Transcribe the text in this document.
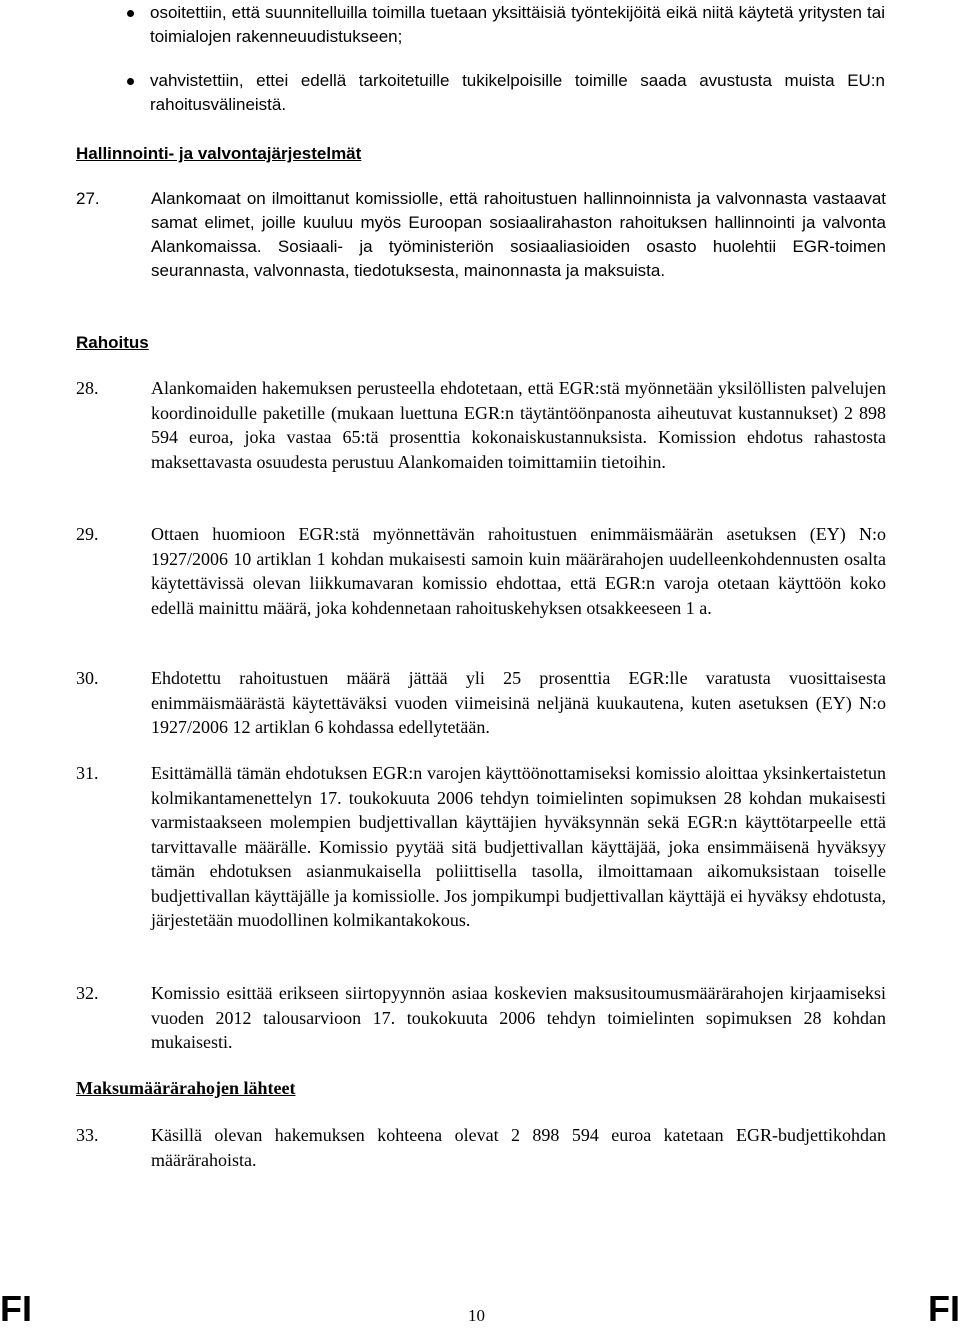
osoitettiin, että suunnitelluilla toimilla tuetaan yksittäisiä työntekijöitä eikä niitä käytetä yritysten tai toimialojen rakenneuudistukseen;
vahvistettiin, ettei edellä tarkoitetuille tukikelpoisille toimille saada avustusta muista EU:n rahoitusvälineistä.
Hallinnointi- ja valvontajärjestelmät
27.	Alankomaat on ilmoittanut komissiolle, että rahoitustuen hallinnoinnista ja valvonnasta vastaavat samat elimet, joille kuuluu myös Euroopan sosiaalirahaston rahoituksen hallinnointi ja valvonta Alankomaissa. Sosiaali- ja työministeriön sosiaaliasioiden osasto huolehtii EGR-toimen seurannasta, valvonnasta, tiedotuksesta, mainonnasta ja maksuista.
Rahoitus
28.	Alankomaiden hakemuksen perusteella ehdotetaan, että EGR:stä myönnetään yksilöllisten palvelujen koordinoidulle paketille (mukaan luettuna EGR:n täytäntöönpanosta aiheutuvat kustannukset) 2 898 594 euroa, joka vastaa 65:tä prosenttia kokonaiskustannuksista. Komission ehdotus rahastosta maksettavasta osuudesta perustuu Alankomaiden toimittamiin tietoihin.
29.	Ottaen huomioon EGR:stä myönnettävän rahoitustuen enimmäismäärän asetuksen (EY) N:o 1927/2006 10 artiklan 1 kohdan mukaisesti samoin kuin määrärahojen uudelleenkohdennusten osalta käytettävissä olevan liikkumavaran komissio ehdottaa, että EGR:n varoja otetaan käyttöön koko edellä mainittu määrä, joka kohdennetaan rahoituskehyksen otsakkeeseen 1 a.
30.	Ehdotettu rahoitustuen määrä jättää yli 25 prosenttia EGR:lle varatusta vuosittaisesta enimmäismäärästä käytettäväksi vuoden viimeisinä neljänä kuukautena, kuten asetuksen (EY) N:o 1927/2006 12 artiklan 6 kohdassa edellytetään.
31.	Esittämällä tämän ehdotuksen EGR:n varojen käyttöönottamiseksi komissio aloittaa yksinkertaistetun kolmikantamenettelyn 17. toukokuuta 2006 tehdyn toimielinten sopimuksen 28 kohdan mukaisesti varmistaakseen molempien budjettivallan käyttäjien hyväksynnän sekä EGR:n käyttötarpeelle että tarvittavalle määrälle. Komissio pyytää sitä budjettivallan käyttäjää, joka ensimmäisenä hyväksyy tämän ehdotuksen asianmukaisella poliittisella tasolla, ilmoittamaan aikomuksistaan toiselle budjettivallan käyttäjälle ja komissiolle. Jos jompikumpi budjettivallan käyttäjä ei hyväksy ehdotusta, järjestetään muodollinen kolmikantakokous.
32.	Komissio esittää erikseen siirtopyynnön asiaa koskevien maksusitoumusmäärärahojen kirjaamiseksi vuoden 2012 talousarvioon 17. toukokuuta 2006 tehdyn toimielinten sopimuksen 28 kohdan mukaisesti.
Maksumäärärahojen lähteet
33.	Käsillä olevan hakemuksen kohteena olevat 2 898 594 euroa katetaan EGR-budjettikohdan määrärahoista.
FI	10	FI
